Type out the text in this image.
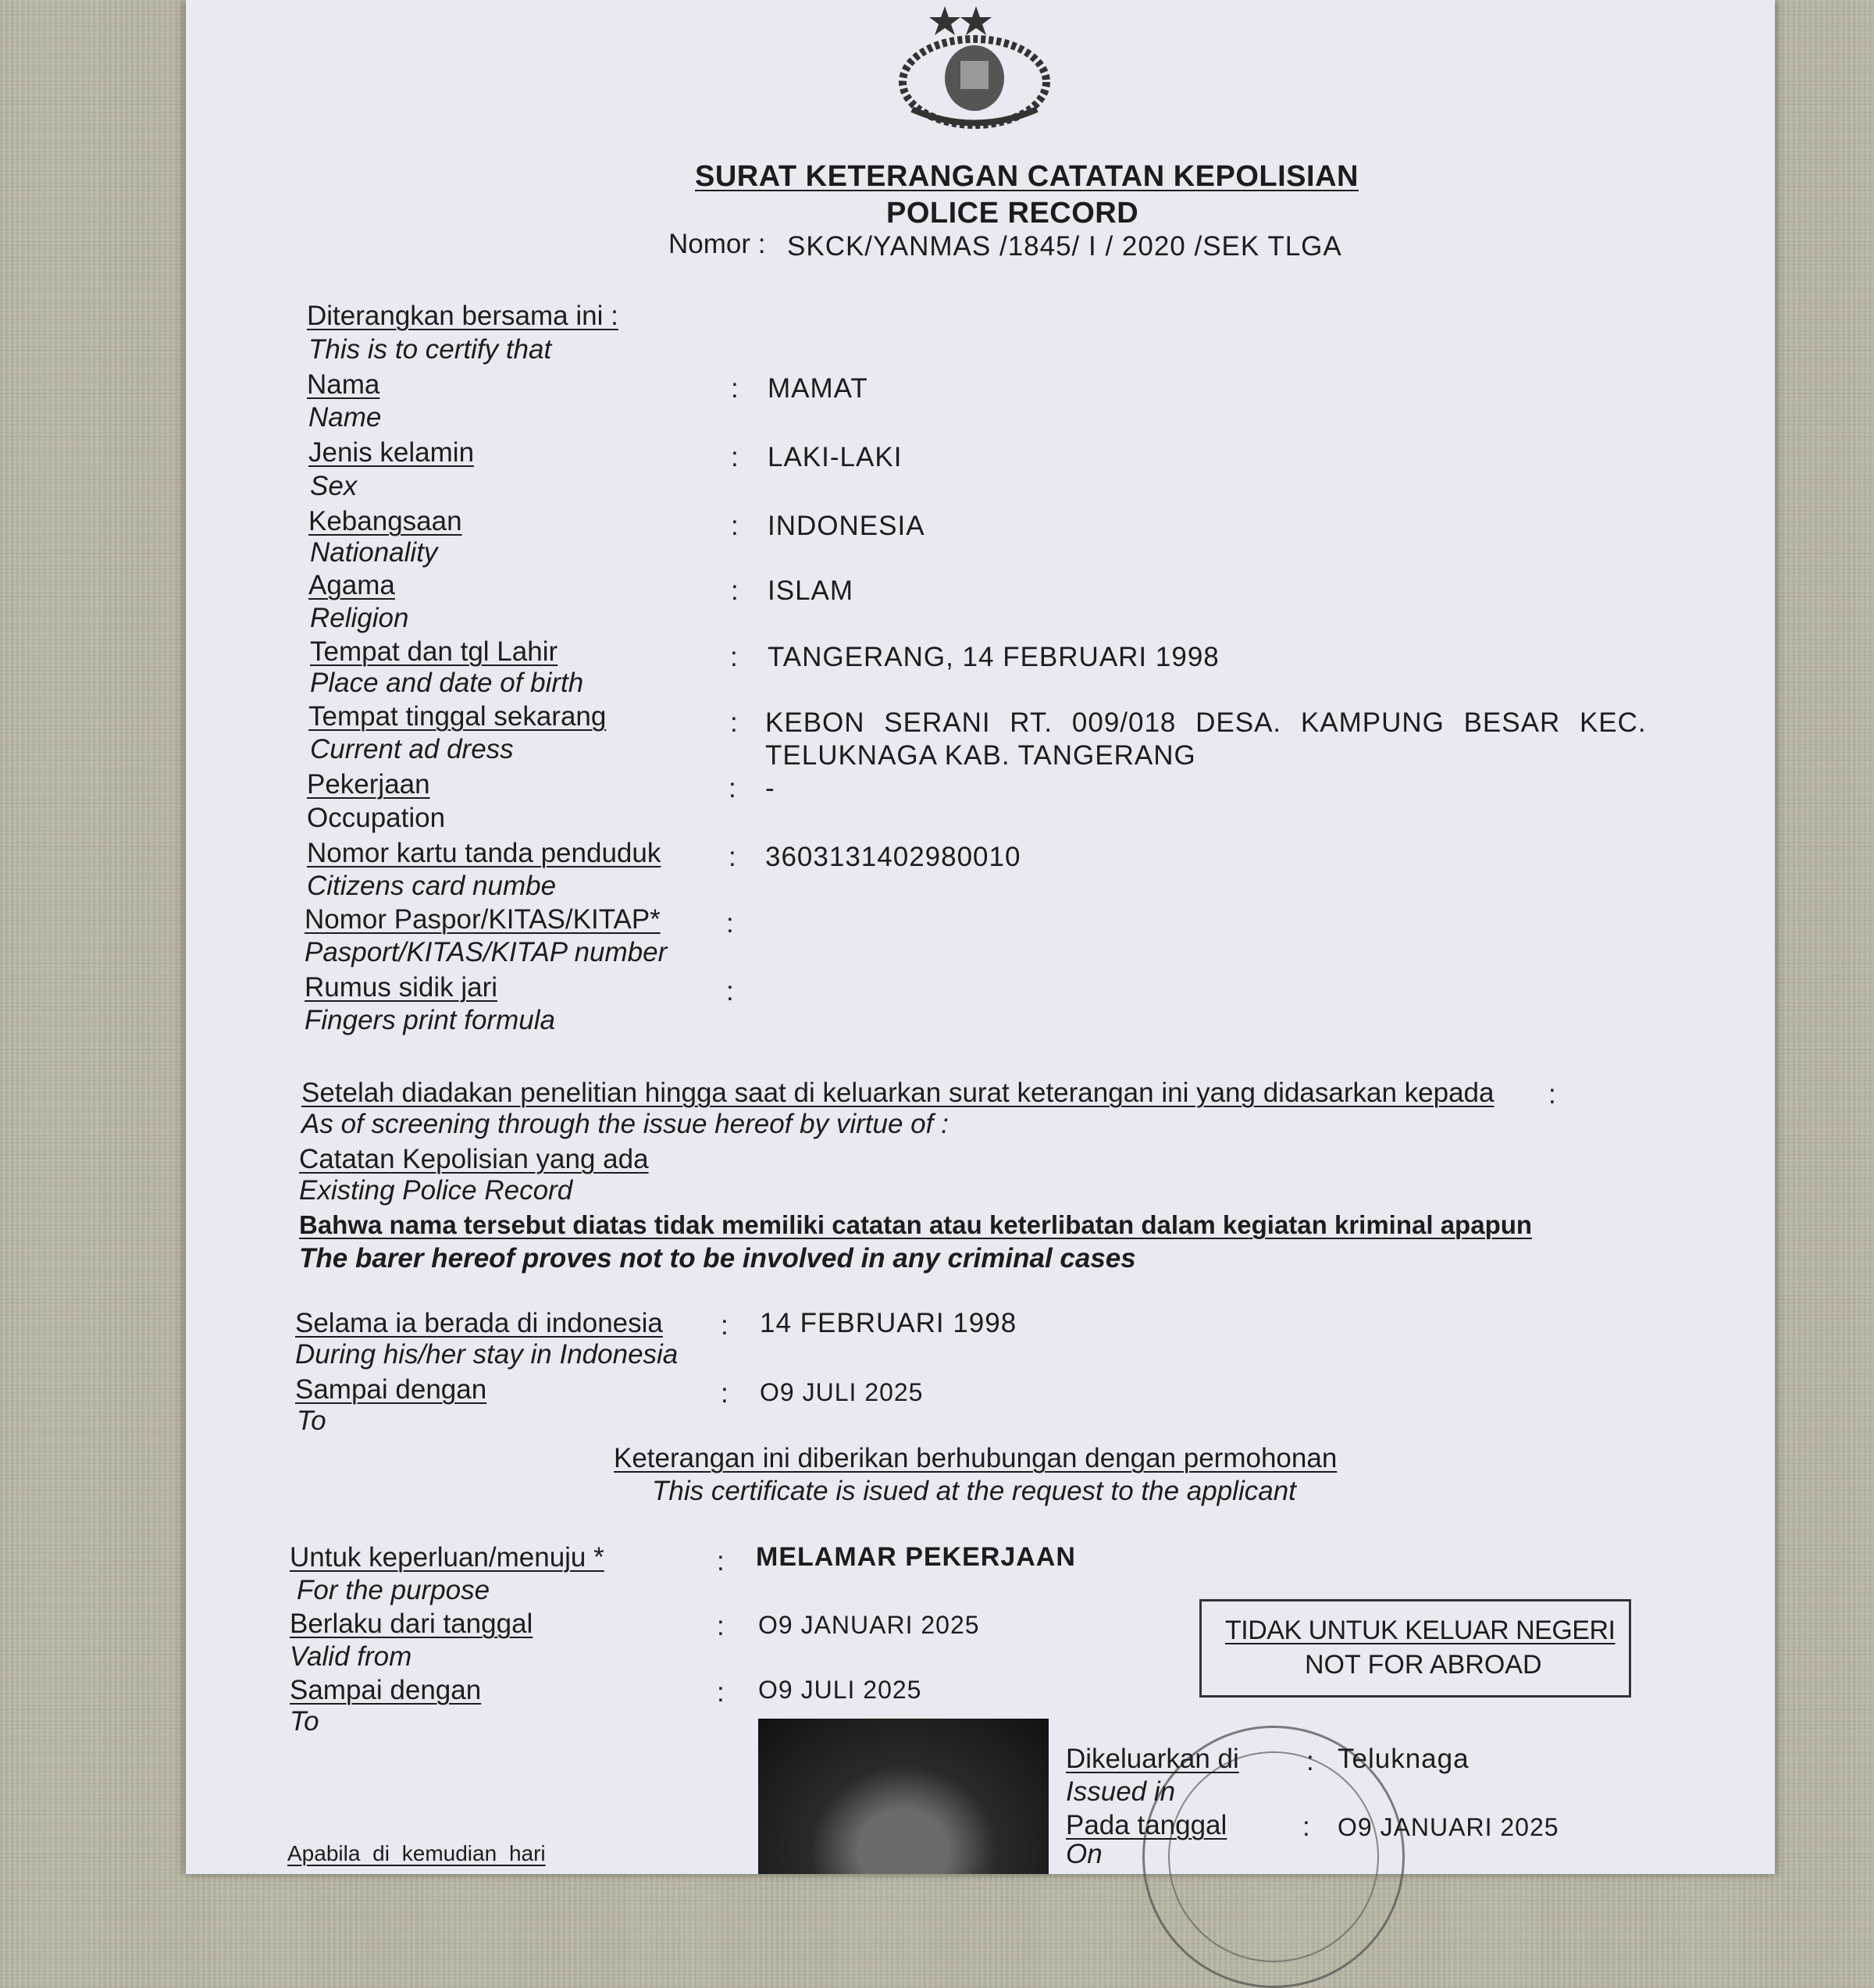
SURAT KETERANGAN CATATAN KEPOLISIAN
POLICE RECORD
Nomor : SKCK/YANMAS /1845/ I / 2020 /SEK TLGA
Diterangkan bersama ini :
This is to certify that
Nama
Name
: MAMAT
Jenis kelamin
Sex
: LAKI-LAKI
Kebangsaan
Nationality
: INDONESIA
Agama
Religion
: ISLAM
Tempat dan tgl Lahir
Place and date of birth
: TANGERANG, 14 FEBRUARI 1998
Tempat tinggal sekarang
Current ad dress
: KEBON SERANI RT. 009/018 DESA. KAMPUNG BESAR KEC.
TELUKNAGA KAB. TANGERANG
Pekerjaan
Occupation
: -
Nomor kartu tanda penduduk
Citizens card numbe
: 3603131402980010
Nomor Paspor/KITAS/KITAP*
Pasport/KITAS/KITAP number
:
Rumus sidik jari
Fingers print formula
:
Setelah diadakan penelitian hingga saat di keluarkan surat keterangan ini yang didasarkan kepada :
As of screening through the issue hereof by virtue of :
Catatan Kepolisian yang ada
Existing Police Record
Bahwa nama tersebut diatas tidak memiliki catatan atau keterlibatan dalam kegiatan kriminal apapun
The barer hereof proves not to be involved in any criminal cases
Selama ia berada di indonesia
During his/her stay in Indonesia
: 14 FEBRUARI 1998
Sampai dengan
To
: O9 JULI 2025
Keterangan ini diberikan berhubungan dengan permohonan
This certificate is isued at the request to the applicant
Untuk keperluan/menuju *
For the purpose
: MELAMAR PEKERJAAN
Berlaku dari tanggal
Valid from
: O9 JANUARI 2025
Sampai dengan
To
: O9 JULI 2025
TIDAK UNTUK KELUAR NEGERI
NOT FOR ABROAD
Dikeluarkan di
Issued in
: Teluknaga
Pada tanggal
On
: O9 JANUARI 2025
Apabila di kemudian hari
